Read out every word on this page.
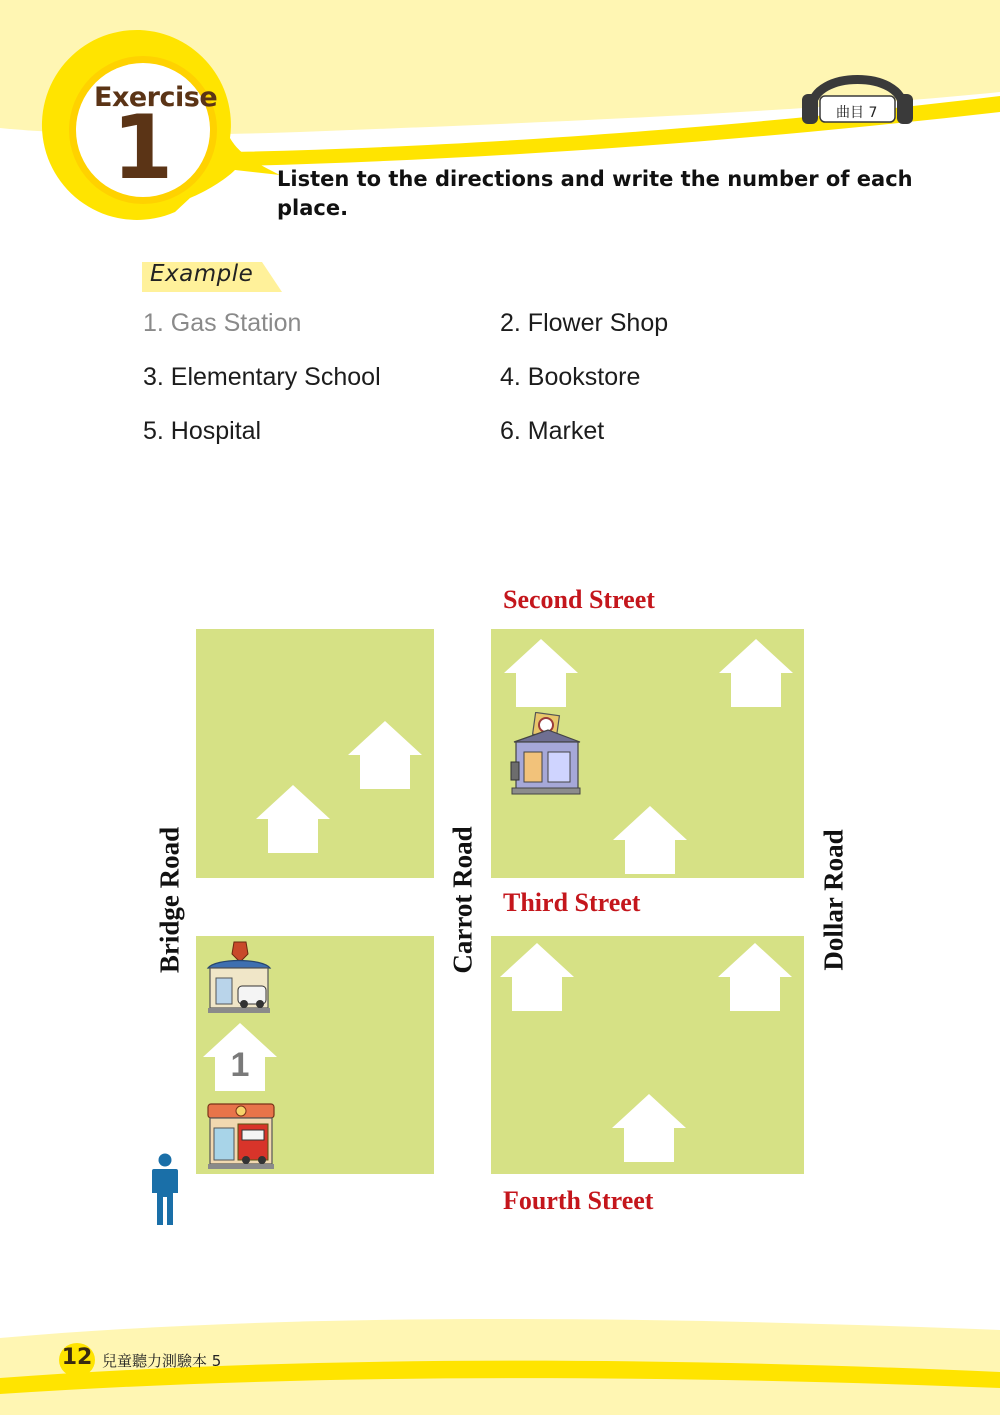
Exercise
1	曲目 7
Listen to the directions and write the number of each place.
Example
1. Gas Station	2. Flower Shop
3. Elementary School	4. Bookstore
5. Hospital	6. Market
Second Street
Third Street
Fourth Street
Bridge Road	Carrot Road	Dollar Road
1
12 兒童聽力測驗本 5
